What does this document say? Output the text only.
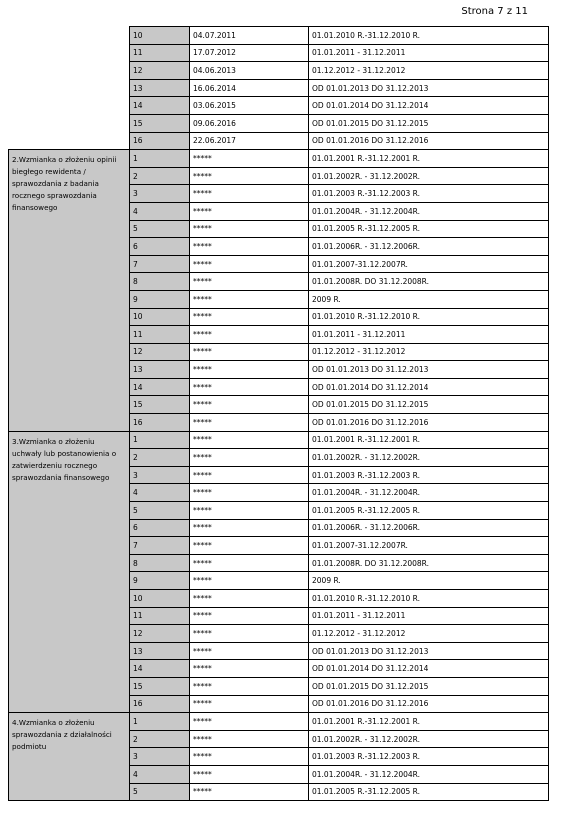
Strona 7 z 11
	10	04.07.2011	01.01.2010 R.-31.12.2010 R.
	11	17.07.2012	01.01.2011 - 31.12.2011
	12	04.06.2013	01.12.2012 - 31.12.2012
	13	16.06.2014	OD 01.01.2013 DO 31.12.2013
	14	03.06.2015	OD 01.01.2014 DO 31.12.2014
	15	09.06.2016	OD 01.01.2015 DO 31.12.2015
	16	22.06.2017	OD 01.01.2016 DO 31.12.2016
2.Wzmianka o złożeniu opinii biegłego rewidenta / sprawozdania z badania rocznego sprawozdania finansowego	1	*****	01.01.2001 R.-31.12.2001 R.
	2	*****	01.01.2002R. - 31.12.2002R.
	3	*****	01.01.2003 R.-31.12.2003 R.
	4	*****	01.01.2004R. - 31.12.2004R.
	5	*****	01.01.2005 R.-31.12.2005 R.
	6	*****	01.01.2006R. - 31.12.2006R.
	7	*****	01.01.2007-31.12.2007R.
	8	*****	01.01.2008R. DO 31.12.2008R.
	9	*****	2009 R.
	10	*****	01.01.2010 R.-31.12.2010 R.
	11	*****	01.01.2011 - 31.12.2011
	12	*****	01.12.2012 - 31.12.2012
	13	*****	OD 01.01.2013 DO 31.12.2013
	14	*****	OD 01.01.2014 DO 31.12.2014
	15	*****	OD 01.01.2015 DO 31.12.2015
	16	*****	OD 01.01.2016 DO 31.12.2016
3.Wzmianka o złożeniu uchwały lub postanowienia o zatwierdzeniu rocznego sprawozdania finansowego	1	*****	01.01.2001 R.-31.12.2001 R.
	2	*****	01.01.2002R. - 31.12.2002R.
	3	*****	01.01.2003 R.-31.12.2003 R.
	4	*****	01.01.2004R. - 31.12.2004R.
	5	*****	01.01.2005 R.-31.12.2005 R.
	6	*****	01.01.2006R. - 31.12.2006R.
	7	*****	01.01.2007-31.12.2007R.
	8	*****	01.01.2008R. DO 31.12.2008R.
	9	*****	2009 R.
	10	*****	01.01.2010 R.-31.12.2010 R.
	11	*****	01.01.2011 - 31.12.2011
	12	*****	01.12.2012 - 31.12.2012
	13	*****	OD 01.01.2013 DO 31.12.2013
	14	*****	OD 01.01.2014 DO 31.12.2014
	15	*****	OD 01.01.2015 DO 31.12.2015
	16	*****	OD 01.01.2016 DO 31.12.2016
4.Wzmianka o złożeniu sprawozdania z działalności podmiotu	1	*****	01.01.2001 R.-31.12.2001 R.
	2	*****	01.01.2002R. - 31.12.2002R.
	3	*****	01.01.2003 R.-31.12.2003 R.
	4	*****	01.01.2004R. - 31.12.2004R.
	5	*****	01.01.2005 R.-31.12.2005 R.
